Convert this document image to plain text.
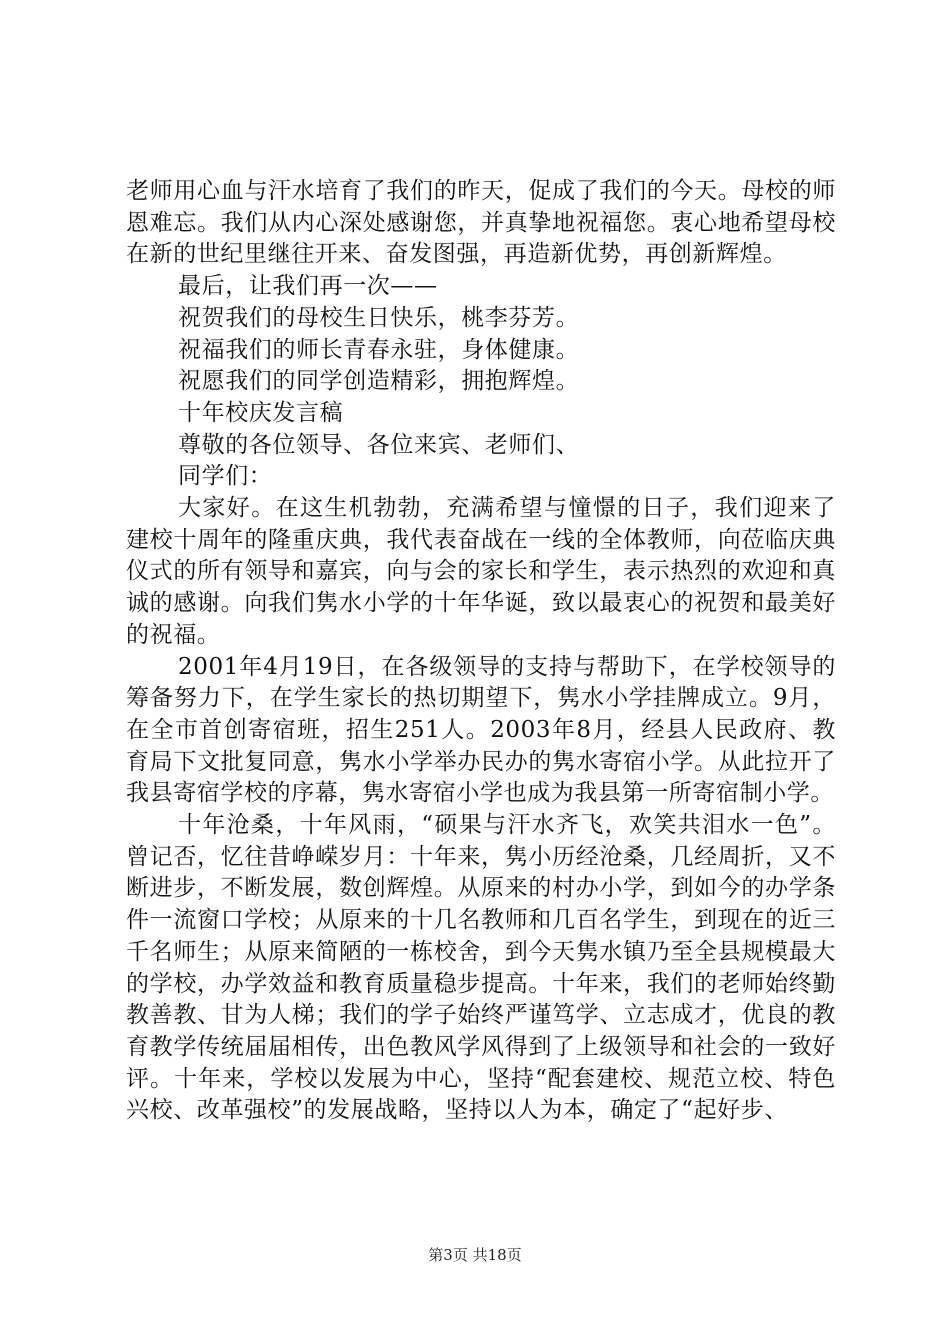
老师用心血与汗水培育了我们的昨天，促成了我们的今天。母校的师恩难忘。我们从内心深处感谢您，并真挚地祝福您。衷心地希望母校在新的世纪里继往开来、奋发图强，再造新优势，再创新辉煌。

最后，让我们再一次——

祝贺我们的母校生日快乐，桃李芬芳。

祝福我们的师长青春永驻，身体健康。

祝愿我们的同学创造精彩，拥抱辉煌。

十年校庆发言稿

尊敬的各位领导、各位来宾、老师们、

同学们：

大家好。在这生机勃勃，充满希望与憧憬的日子，我们迎来了建校十周年的隆重庆典，我代表奋战在一线的全体教师，向莅临庆典仪式的所有领导和嘉宾，向与会的家长和学生，表示热烈的欢迎和真诚的感谢。向我们隽水小学的十年华诞，致以最衷心的祝贺和最美好的祝福。

2001年4月19日，在各级领导的支持与帮助下，在学校领导的筹备努力下，在学生家长的热切期望下，隽水小学挂牌成立。9月，在全市首创寄宿班，招生251人。2003年8月，经县人民政府、教育局下文批复同意，隽水小学举办民办的隽水寄宿小学。从此拉开了我县寄宿学校的序幕，隽水寄宿小学也成为我县第一所寄宿制小学。

十年沧桑，十年风雨，“硕果与汗水齐飞，欢笑共泪水一色”。曾记否，忆往昔峥嵘岁月：十年来，隽小历经沧桑，几经周折，又不断进步，不断发展，数创辉煌。从原来的村办小学，到如今的办学条件一流窗口学校；从原来的十几名教师和几百名学生，到现在的近三千名师生；从原来简陋的一栋校舍，到今天隽水镇乃至全县规模最大的学校，办学效益和教育质量稳步提高。十年来，我们的老师始终勤教善教、甘为人梯；我们的学子始终严谨笃学、立志成才，优良的教育教学传统届届相传，出色教风学风得到了上级领导和社会的一致好评。十年来，学校以发展为中心，坚持“配套建校、规范立校、特色兴校、改革强校”的发展战略，坚持以人为本，确定了“起好步、

第3页 共18页
